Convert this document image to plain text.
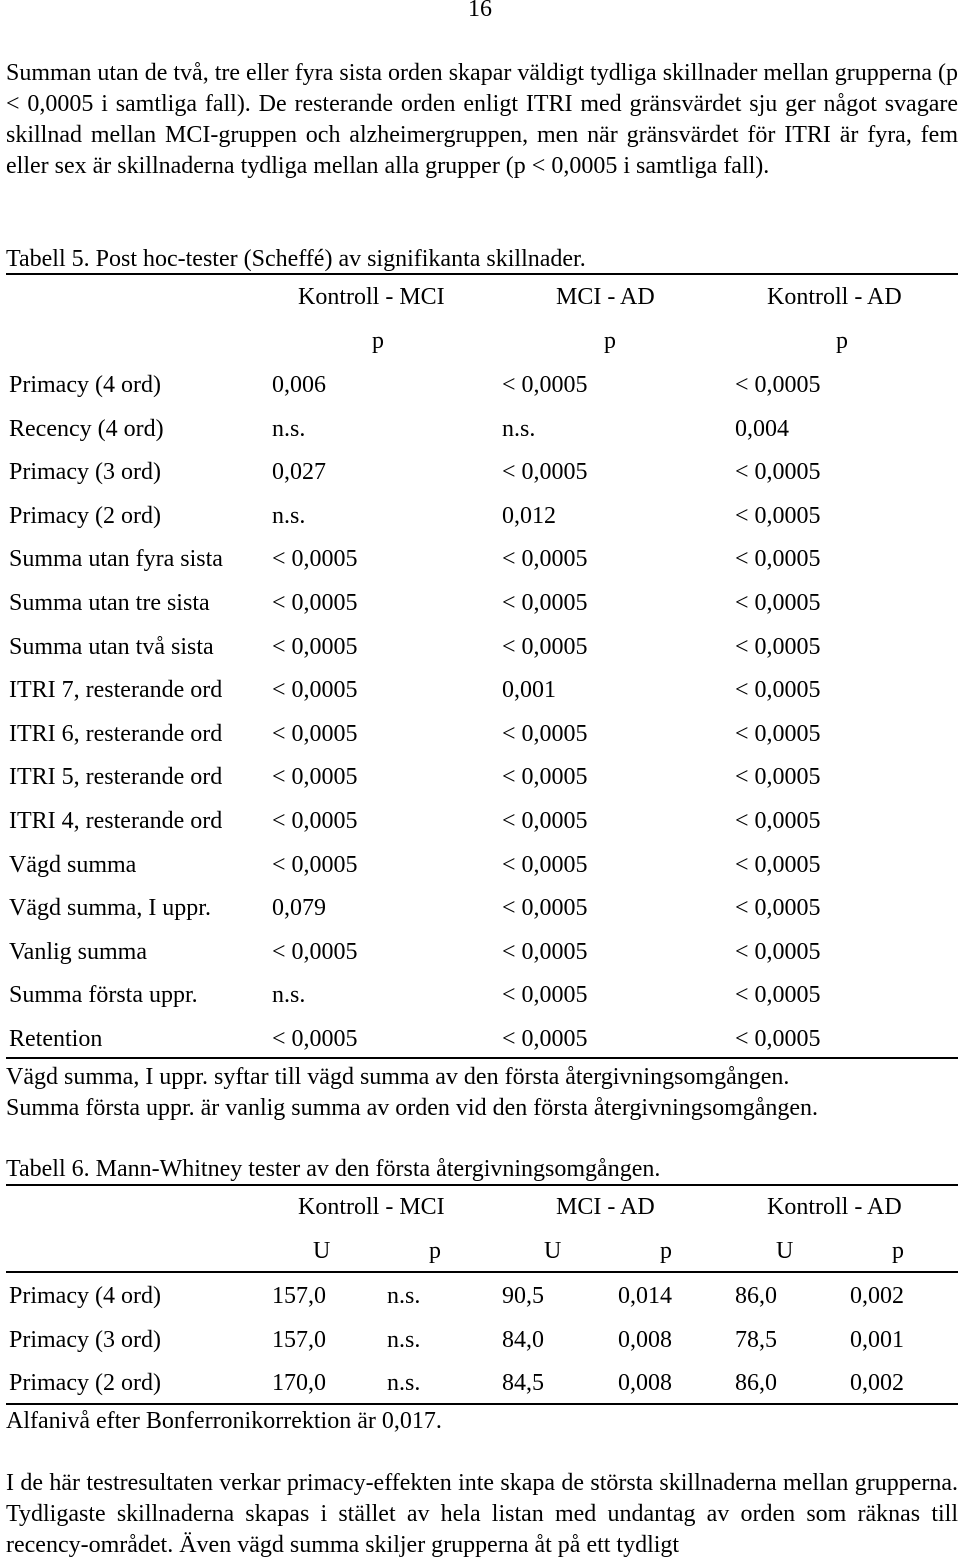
16

Summan utan de två, tre eller fyra sista orden skapar väldigt tydliga skillnader mellan grupperna (p < 0,0005 i samtliga fall). De resterande orden enligt ITRI med gränsvärdet sju ger något svagare skillnad mellan MCI-gruppen och alzheimergruppen, men när gränsvärdet för ITRI är fyra, fem eller sex är skillnaderna tydliga mellan alla grupper (p < 0,0005 i samtliga fall).

Tabell 5. Post hoc-tester (Scheffé) av signifikanta skillnader.
Kontroll - MCI	MCI - AD	Kontroll - AD
p	p	p
Primacy (4 ord)	0,006	< 0,0005	< 0,0005
Recency (4 ord)	n.s.	n.s.	0,004
Primacy (3 ord)	0,027	< 0,0005	< 0,0005
Primacy (2 ord)	n.s.	0,012	< 0,0005
Summa utan fyra sista < 0,0005	< 0,0005	< 0,0005
Summa utan tre sista	< 0,0005	< 0,0005	< 0,0005
Summa utan två sista < 0,0005	< 0,0005	< 0,0005
ITRI 7, resterande ord < 0,0005	0,001	< 0,0005
ITRI 6, resterande ord < 0,0005	< 0,0005	< 0,0005
ITRI 5, resterande ord < 0,0005	< 0,0005	< 0,0005
ITRI 4, resterande ord < 0,0005	< 0,0005	< 0,0005
Vägd summa	< 0,0005	< 0,0005	< 0,0005
Vägd summa, I uppr.	0,079	< 0,0005	< 0,0005
Vanlig summa	< 0,0005	< 0,0005	< 0,0005
Summa första uppr.	n.s.	< 0,0005	< 0,0005
Retention	< 0,0005	< 0,0005	< 0,0005
Vägd summa, I uppr. syftar till vägd summa av den första återgivningsomgången.
Summa första uppr. är vanlig summa av orden vid den första återgivningsomgången.
Tabell 6. Mann-Whitney tester av den första återgivningsomgången.
Kontroll - MCI	MCI - AD	Kontroll - AD
U	p	U	p	U	p
Primacy (4 ord)	157,0	n.s.	90,5	0,014	86,0	0,002
Primacy (3 ord)	157,0	n.s.	84,0	0,008	78,5	0,001
Primacy (2 ord)	170,0	n.s.	84,5	0,008	86,0	0,002
Alfanivå efter Bonferronikorrektion är 0,017.

I de här testresultaten verkar primacy-effekten inte skapa de största skillnaderna mellan grupperna. Tydligaste skillnaderna skapas i stället av hela listan med undantag av orden som räknas till recency-området. Även vägd summa skiljer grupperna åt på ett tydligt
